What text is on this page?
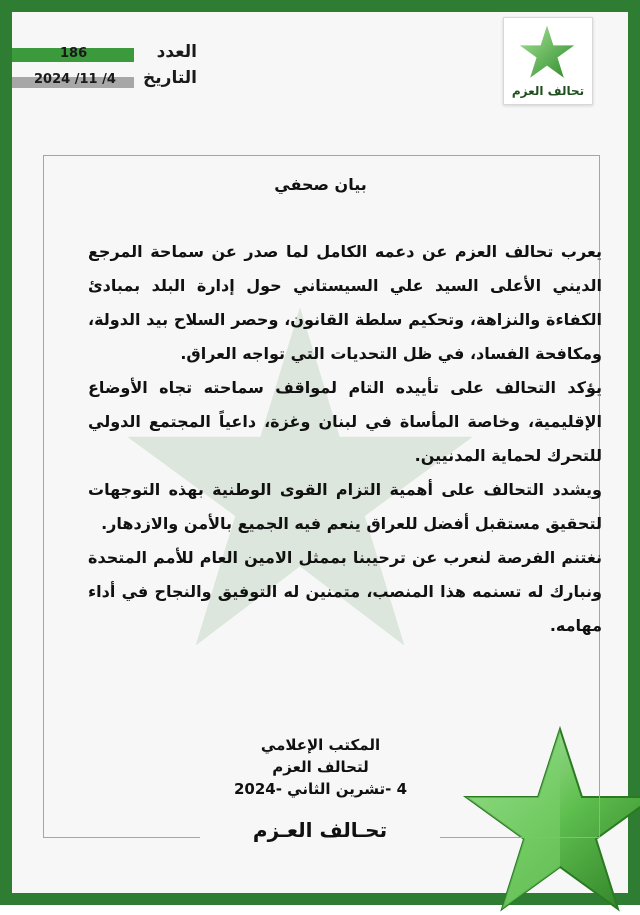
تحالف العزم
186
2024 /11 /4
العدد
التاريخ
بيان صحفي

يعرب تحالف العزم عن دعمه الكامل لما صدر عن سماحة المرجع الديني الأعلى السيد علي السيستاني حول إدارة البلد بمبادئ الكفاءة والنزاهة، وتحكيم سلطة القانون، وحصر السلاح بيد الدولة، ومكافحة الفساد، في ظل التحديات التي تواجه العراق.

يؤكد التحالف على تأييده التام لمواقف سماحته تجاه الأوضاع الإقليمية، وخاصة المأساة في لبنان وغزة، داعياً المجتمع الدولي للتحرك لحماية المدنيين.

ويشدد التحالف على أهمية التزام القوى الوطنية بهذه التوجهات لتحقيق مستقبل أفضل للعراق ينعم فيه الجميع بالأمن والازدهار.

نغتنم الفرصة لنعرب عن ترحيبنا بممثل الامين العام للأمم المتحدة ونبارك له تسنمه هذا المنصب، متمنين له التوفيق والنجاح في أداء مهامه.

المكتب الإعلامي
لتحالف العزم
4 -تشرين الثاني -2024
تحـالف العـزم
